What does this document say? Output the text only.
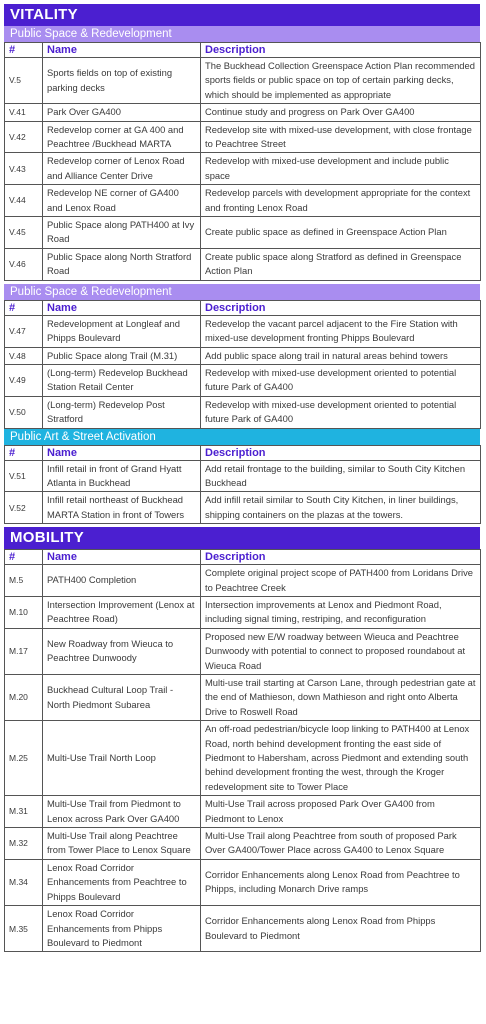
VITALITY
Public Space & Redevelopment
#	Name	Description
V.5	Sports fields on top of existing parking decks	The Buckhead Collection Greenspace Action Plan recommended sports fields or public space on top of certain parking decks, which should be implemented as appropriate
V.41	Park Over GA400	Continue study and progress on Park Over GA400
V.42	Redevelop corner at GA 400 and Peachtree /Buckhead MARTA	Redevelop site with mixed-use development, with close frontage to Peachtree Street
V.43	Redevelop corner of Lenox Road and Alliance Center Drive	Redevelop with mixed-use development and include public space
V.44	Redevelop NE corner of GA400 and Lenox Road	Redevelop parcels with development appropriate for the context and fronting Lenox Road
V.45	Public Space along PATH400 at Ivy Road	Create public space as defined in Greenspace Action Plan
V.46	Public Space along North Stratford Road	Create public space along Stratford as defined in Greenspace Action Plan
Public Space & Redevelopment
#	Name	Description
V.47	Redevelopment at Longleaf and Phipps Boulevard	Redevelop the vacant parcel adjacent to the Fire Station with mixed-use development fronting Phipps Boulevard
V.48	Public Space along Trail (M.31)	Add public space along trail in natural areas behind towers
V.49	(Long-term) Redevelop Buckhead Station Retail Center	Redevelop with mixed-use development oriented to potential future Park of GA400
V.50	(Long-term) Redevelop Post Stratford	Redevelop with mixed-use development oriented to potential future Park of GA400
Public Art & Street Activation
#	Name	Description
V.51	Infill retail in front of Grand Hyatt Atlanta in Buckhead	Add retail frontage to the building, similar to South City Kitchen Buckhead
V.52	Infill retail northeast of Buckhead MARTA Station in front of Towers	Add infill retail similar to South City Kitchen, in liner buildings, shipping containers on the plazas at the towers.
MOBILITY
#	Name	Description
M.5	PATH400 Completion	Complete original project scope of PATH400 from Loridans Drive to Peachtree Creek
M.10	Intersection Improvement (Lenox at Peachtree Road)	Intersection improvements at Lenox and Piedmont Road, including signal timing, restriping, and reconfiguration
M.17	New Roadway from Wieuca to Peachtree Dunwoody	Proposed new E/W roadway between Wieuca and Peachtree Dunwoody with potential to connect to proposed roundabout at Wieuca Road
M.20	Buckhead Cultural Loop Trail - North Piedmont Subarea	Multi-use trail starting at Carson Lane, through pedestrian gate at the end of Mathieson, down Mathieson and right onto Alberta Drive to Roswell Road
M.25	Multi-Use Trail North Loop	An off-road pedestrian/bicycle loop linking to PATH400 at Lenox Road, north behind development fronting the east side of Piedmont to Habersham, across Piedmont and extending south behind development fronting the west, through the Kroger redevelopment site to Tower Place
M.31	Multi-Use Trail from Piedmont to Lenox across Park Over GA400	Multi-Use Trail across proposed Park Over GA400 from Piedmont to Lenox
M.32	Multi-Use Trail along Peachtree from Tower Place to Lenox Square	Multi-Use Trail along Peachtree from south of proposed Park Over GA400/Tower Place across GA400 to Lenox Square
M.34	Lenox Road Corridor Enhancements from Peachtree to Phipps Boulevard	Corridor Enhancements along Lenox Road from Peachtree to Phipps, including Monarch Drive ramps
M.35	Lenox Road Corridor Enhancements from Phipps Boulevard to Piedmont	Corridor Enhancements along Lenox Road from Phipps Boulevard to Piedmont
